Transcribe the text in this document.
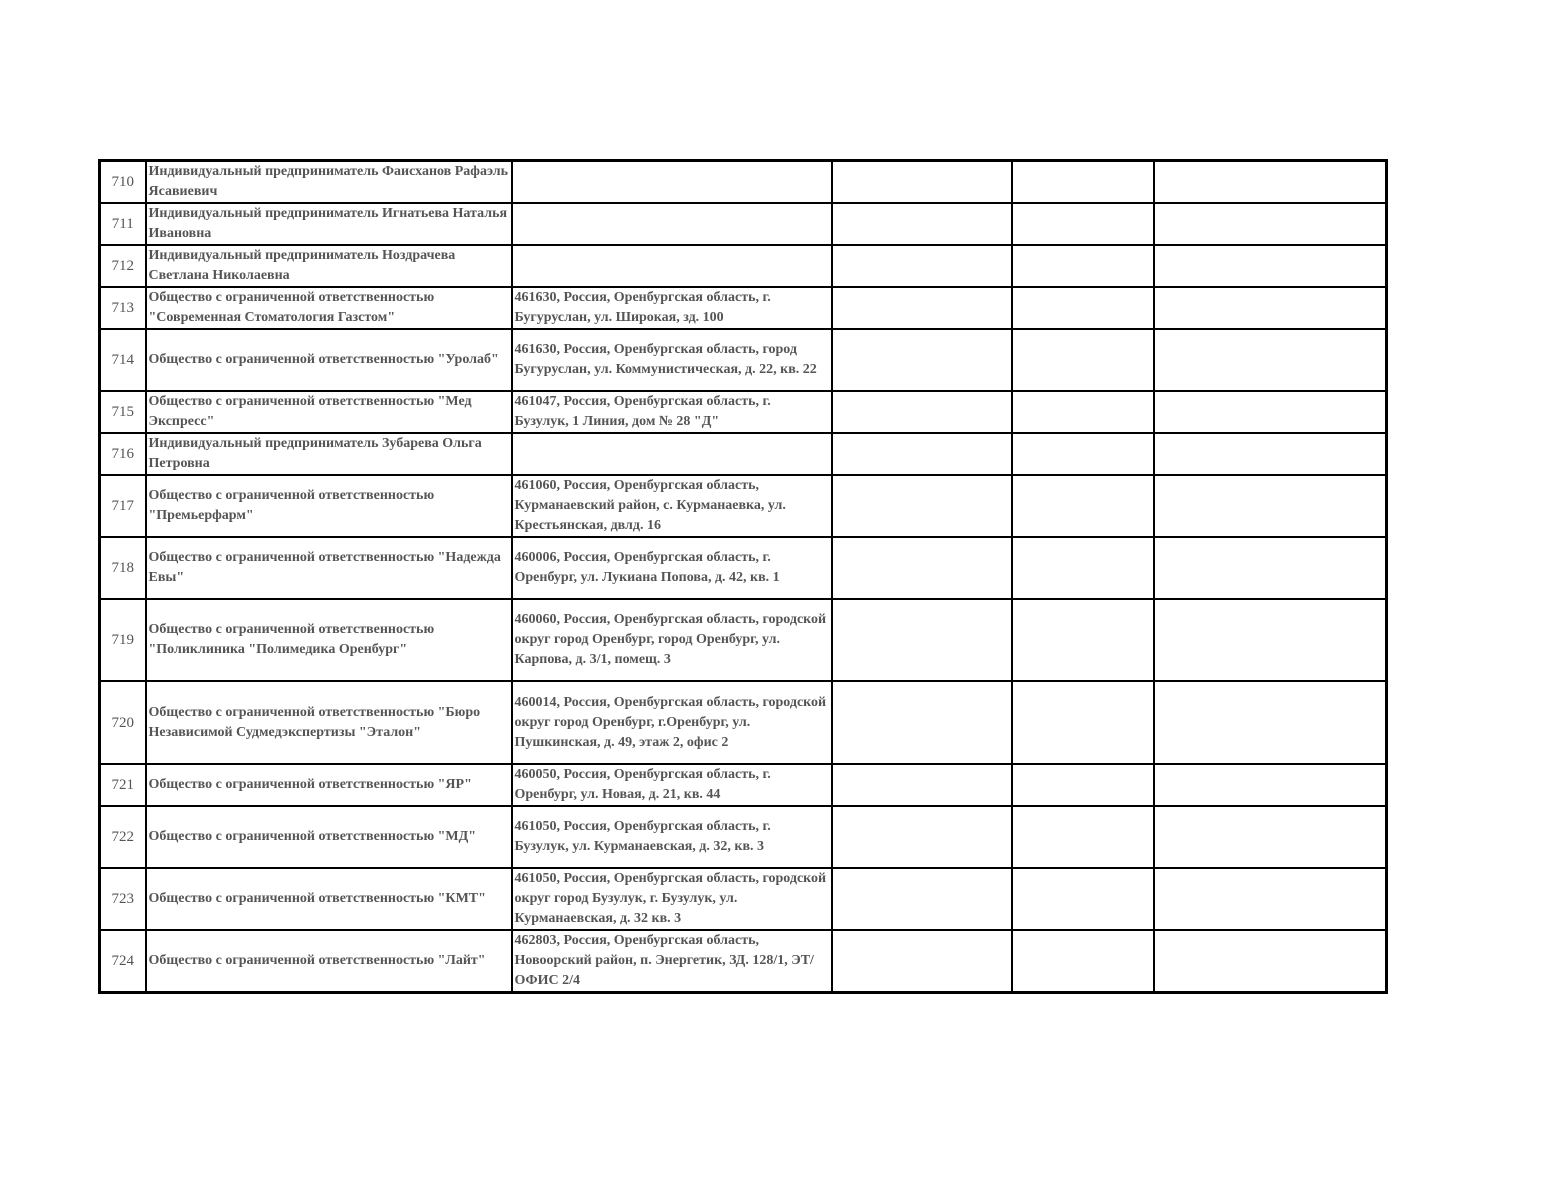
710	Индивидуальный предприниматель Фаисханов Рафаэль Ясавиевич				
711	Индивидуальный предприниматель Игнатьева Наталья Ивановна				
712	Индивидуальный предприниматель Ноздрачева Светлана Николаевна				
713	Общество с ограниченной ответственностью "Современная Стоматология Газстом"	461630, Россия, Оренбургская область, г. Бугуруслан, ул. Широкая, зд. 100			
714	Общество с ограниченной ответственностью "Уролаб"	461630, Россия, Оренбургская область, город Бугуруслан, ул. Коммунистическая, д. 22, кв. 22			
715	Общество с ограниченной ответственностью "Мед Экспресс"	461047, Россия, Оренбургская область, г. Бузулук, 1 Линия, дом № 28 "Д"			
716	Индивидуальный предприниматель Зубарева Ольга Петровна				
717	Общество с ограниченной ответственностью "Премьерфарм"	461060, Россия, Оренбургская область, Курманаевский район, с. Курманаевка, ул. Крестьянская, двлд. 16			
718	Общество с ограниченной ответственностью "Надежда Евы"	460006, Россия, Оренбургская область, г. Оренбург, ул. Лукиана Попова, д. 42, кв. 1			
719	Общество с ограниченной ответственностью "Поликлиника "Полимедика Оренбург"	460060, Россия, Оренбургская область, городской округ город Оренбург, город Оренбург, ул. Карпова, д. 3/1, помещ. 3			
720	Общество с ограниченной ответственностью "Бюро Независимой Судмедэкспертизы "Эталон"	460014, Россия, Оренбургская область, городской округ город Оренбург, г.Оренбург, ул. Пушкинская, д. 49, этаж 2, офис 2			
721	Общество с ограниченной ответственностью "ЯР"	460050, Россия, Оренбургская область, г. Оренбург, ул. Новая, д. 21, кв. 44			
722	Общество с ограниченной ответственностью "МД"	461050, Россия, Оренбургская область, г. Бузулук, ул. Курманаевская, д. 32, кв. 3			
723	Общество с ограниченной ответственностью "КМТ"	461050, Россия, Оренбургская область, городской округ город Бузулук, г. Бузулук, ул. Курманаевская, д. 32 кв. 3			
724	Общество с ограниченной ответственностью "Лайт"	462803, Россия, Оренбургская область, Новоорский район, п. Энергетик, ЗД. 128/1, ЭТ/ОФИС 2/4			
